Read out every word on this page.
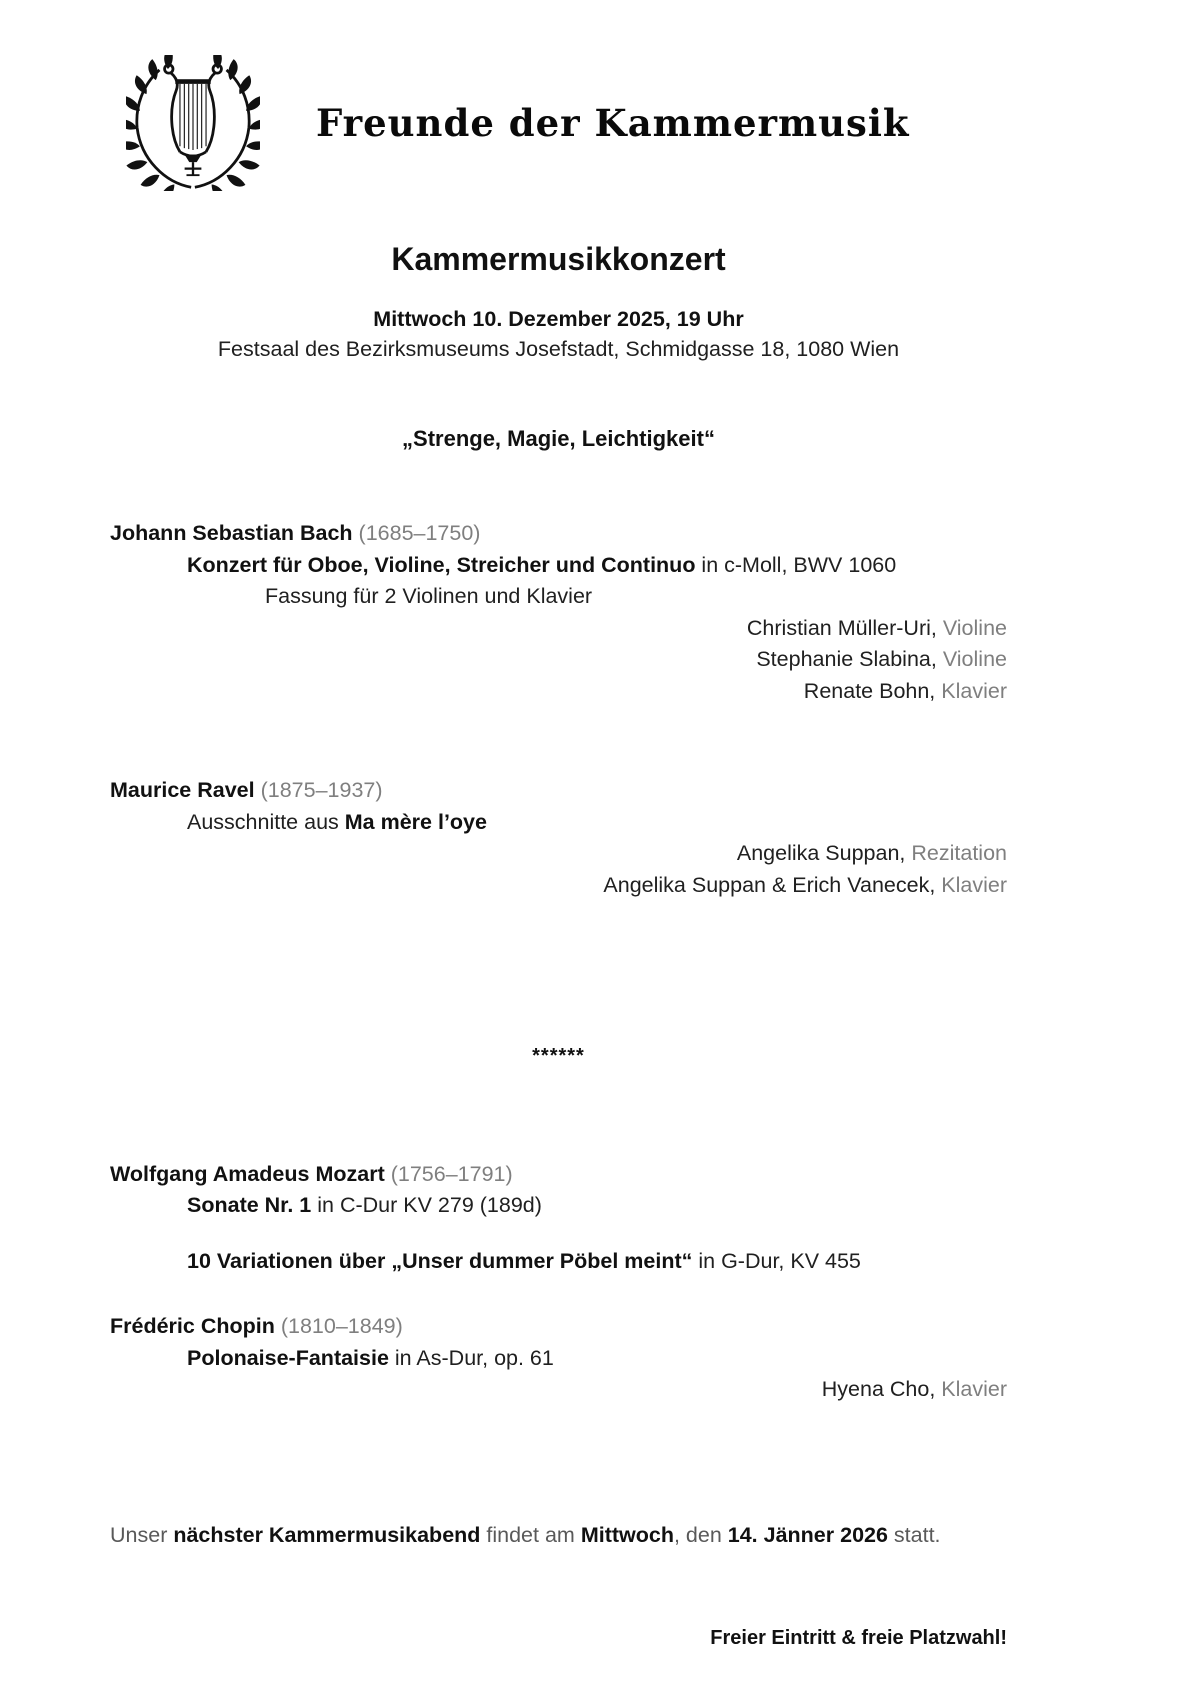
Freunde der Kammermusik
Kammermusikkonzert
Mittwoch 10. Dezember 2025, 19 Uhr
Festsaal des Bezirksmuseums Josefstadt, Schmidgasse 18, 1080 Wien
„Strenge, Magie, Leichtigkeit“
Johann Sebastian Bach (1685–1750)
Konzert für Oboe, Violine, Streicher und Continuo in c-Moll, BWV 1060
Fassung für 2 Violinen und Klavier
Christian Müller-Uri, Violine
Stephanie Slabina, Violine
Renate Bohn, Klavier
Maurice Ravel (1875–1937)
Ausschnitte aus Ma mère l’oye
Angelika Suppan, Rezitation
Angelika Suppan & Erich Vanecek, Klavier
******
Wolfgang Amadeus Mozart (1756–1791)
Sonate Nr. 1 in C-Dur KV 279 (189d)
10 Variationen über „Unser dummer Pöbel meint“ in G-Dur, KV 455
Frédéric Chopin (1810–1849)
Polonaise-Fantaisie in As-Dur, op. 61
Hyena Cho, Klavier
Unser nächster Kammermusikabend findet am Mittwoch, den 14. Jänner 2026 statt.
Freier Eintritt & freie Platzwahl!
